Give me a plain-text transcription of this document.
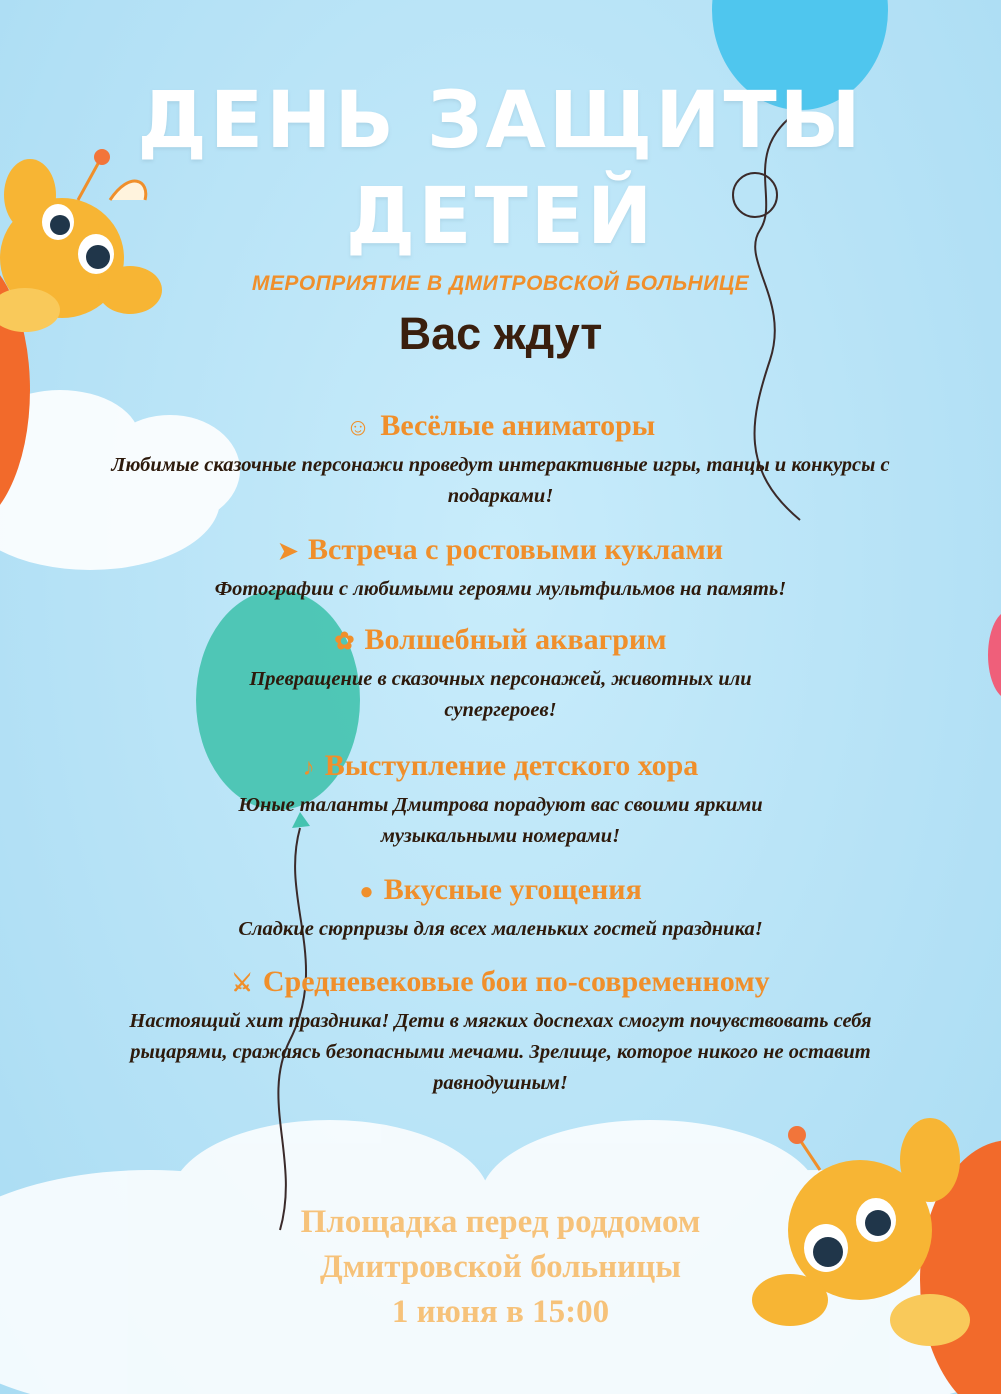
ДЕНЬ ЗАЩИТЫ
ДЕТЕЙ
МЕРОПРИЯТИЕ В ДМИТРОВСКОЙ БОЛЬНИЦЕ
Вас ждут
☺ Весёлые аниматоры
Любимые сказочные персонажи проведут интерактивные игры, танцы и конкурсы с подарками!
➤ Встреча с ростовыми куклами
Фотографии с любимыми героями мультфильмов на память!
✿ Волшебный аквагрим
Превращение в сказочных персонажей, животных или супергероев!
♪ Выступление детского хора
Юные таланты Дмитрова порадуют вас своими яркими музыкальными номерами!
● Вкусные угощения
Сладкие сюрпризы для всех маленьких гостей праздника!
⚔ Средневековые бои по-современному
Настоящий хит праздника! Дети в мягких доспехах смогут почувствовать себя рыцарями, сражаясь безопасными мечами. Зрелище, которое никого не оставит равнодушным!
Площадка перед роддомом
Дмитровской больницы
1 июня в 15:00
